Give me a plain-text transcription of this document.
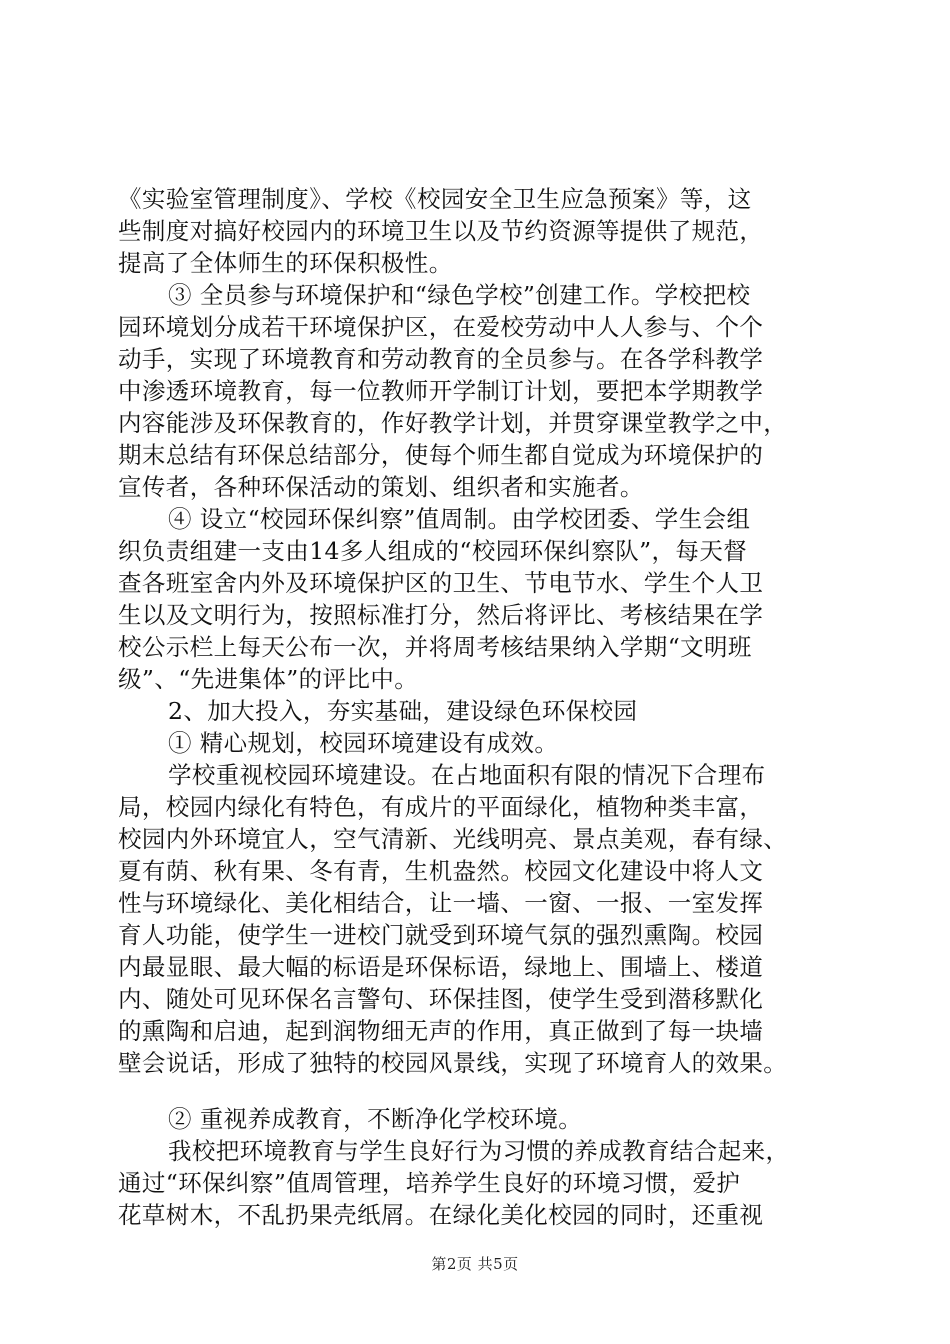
《实验室管理制度》、学校《校园安全卫生应急预案》等，这
些制度对搞好校园内的环境卫生以及节约资源等提供了规范，
提高了全体师生的环保积极性。
③ 全员参与环境保护和“绿色学校”创建工作。学校把校
园环境划分成若干环境保护区，在爱校劳动中人人参与、个个
动手，实现了环境教育和劳动教育的全员参与。在各学科教学
中渗透环境教育，每一位教师开学制订计划，要把本学期教学
内容能涉及环保教育的，作好教学计划，并贯穿课堂教学之中，
期末总结有环保总结部分，使每个师生都自觉成为环境保护的
宣传者，各种环保活动的策划、组织者和实施者。
④ 设立“校园环保纠察”值周制。由学校团委、学生会组
织负责组建一支由14多人组成的“校园环保纠察队”，每天督
查各班室舍内外及环境保护区的卫生、节电节水、学生个人卫
生以及文明行为，按照标准打分，然后将评比、考核结果在学
校公示栏上每天公布一次，并将周考核结果纳入学期“文明班
级”、“先进集体”的评比中。
2、加大投入，夯实基础，建设绿色环保校园
① 精心规划，校园环境建设有成效。
学校重视校园环境建设。在占地面积有限的情况下合理布
局，校园内绿化有特色，有成片的平面绿化，植物种类丰富，
校园内外环境宜人，空气清新、光线明亮、景点美观，春有绿、
夏有荫、秋有果、冬有青，生机盎然。校园文化建设中将人文
性与环境绿化、美化相结合，让一墙、一窗、一报、一室发挥
育人功能，使学生一进校门就受到环境气氛的强烈熏陶。校园
内最显眼、最大幅的标语是环保标语，绿地上、围墙上、楼道
内、随处可见环保名言警句、环保挂图，使学生受到潜移默化
的熏陶和启迪，起到润物细无声的作用，真正做到了每一块墙
壁会说话，形成了独特的校园风景线，实现了环境育人的效果。
② 重视养成教育，不断净化学校环境。
我校把环境教育与学生良好行为习惯的养成教育结合起来，
通过“环保纠察”值周管理，培养学生良好的环境习惯，爱护
花草树木，不乱扔果壳纸屑。在绿化美化校园的同时，还重视
第2页 共5页
